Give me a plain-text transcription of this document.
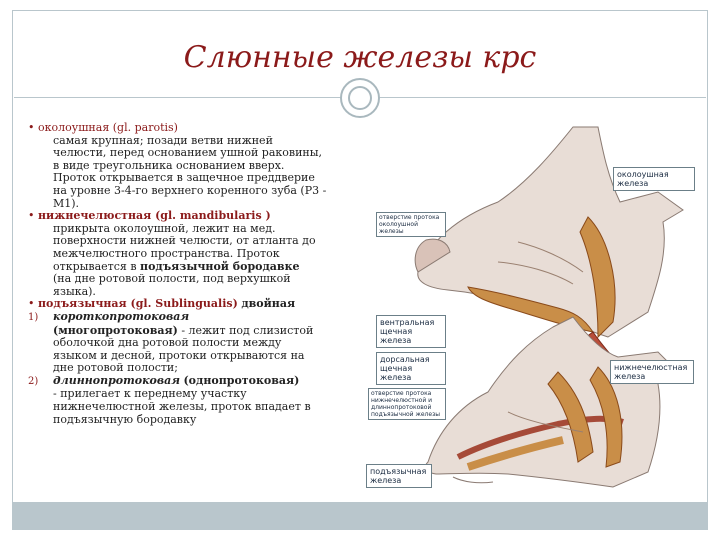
Слюнные железы крс

• околоушная (gl. parotis)

самая крупная; позади ветви нижней

челюсти, перед основанием ушной раковины,

в виде треугольника основанием вверх.

Проток открывается в защечное преддверие

на уровне 3-4-го верхнего коренного зуба (Р3 -

М1).

• нижнечелюстная (gl. mandibularis )

прикрыта околоушной, лежит на мед.

поверхности нижней челюсти, от атланта до

межчелюстного пространства. Проток

открывается в подъязычной бородавке

(на дне ротовой полости, под верхушкой

языка).

• подъязычная (gl. Sublingualis) двойная

1) короткопротоковая

(многопротоковая) - лежит под слизистой

оболочкой дна ротовой полости между

языком и десной, протоки открываются на

дне ротовой полости;

2) длиннопротоковая (однопротоковая)

- прилегает к переднему участку

нижнечелюстной железы, проток впадает в

подъязычную бородавку

околоушная
железа
отверстие протока
околоушной железы
вентральная
щечная железа
дорсальная
щечная железа
нижнечелюстная
железа
отверстие протока
нижнечелюстной и
длиннопротоковой
подъязычной железы
подъязычная
железа
